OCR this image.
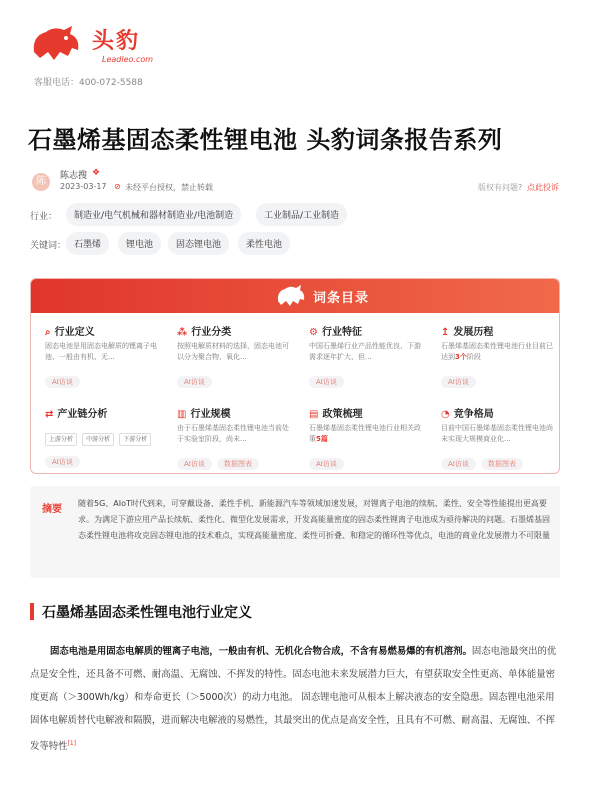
头豹
Leadleo.com
客服电话：400-072-5588
石墨烯基固态柔性锂电池 头豹词条报告系列
陈	陈志搜 ❖
2023-03-17 ⊘ 未经平台授权，禁止转载	版权有问题? 点此投诉
行业：	制造业/电气机械和器材制造业/电池制造	工业制品/工业制造
关键词： 石墨烯	锂电池	固态锂电池	柔性电池
词条目录
⌕ 行业定义
固态电池是用固态电解质的锂离子电池、一般由有机、无...
AI访谈
⁂ 行业分类
按照电解质材料的选择，固态电池可以分为聚合物、氧化...
AI访谈
⚙ 行业特征
中国石墨烯行业产品性能优良、下游需求逐年扩大、但...
AI访谈
↥ 发展历程
石墨烯基固态柔性锂电池行业目前已达到3个阶段
AI访谈
⇄ 产业链分析
上游分析 中游分析 下游分析
AI访谈
▥ 行业规模
由于石墨烯基固态柔性锂电池当前处于实验室阶段，尚未...
AI访谈	数据图表
▤ 政策梳理
石墨烯基固态柔性锂电池行业相关政策5篇
AI访谈
◔ 竞争格局
目前中国石墨烯基固态柔性锂电池尚未实现大规模商业化...
AI访谈	数据图表
摘要
随着5G、AIoT时代到来，可穿戴设备、柔性手机、新能源汽车等领域加速发展，对锂离子电池的续航、柔性、安全等性能提出更高要求。为满足下游应用产品长续航、柔性化、微型化发展需求，开发高能量密度的固态柔性锂离子电池成为亟待解决的问题。石墨烯基固态柔性锂电池将攻克固态锂电池的技术难点，实现高能量密度、柔性可折叠、和稳定的循环性等优点，电池的商业化发展潜力不可限量
石墨烯基固态柔性锂电池行业定义
固态电池是用固态电解质的锂离子电池，一般由有机、无机化合物合成，不含有易燃易爆的有机溶剂。固态电池最突出的优点是安全性，还具备不可燃、耐高温、无腐蚀、不挥发的特性。固态电池未来发展潜力巨大，有望获取安全性更高、单体能量密度更高（＞300Wh/kg）和寿命更长（＞5000次）的动力电池。 固态锂电池可从根本上解决液态的安全隐患。固态锂电池采用固体电解质替代电解液和隔膜，进而解决电解液的易燃性，其最突出的优点是高安全性，且具有不可燃、耐高温、无腐蚀、不挥发等特性[1]
